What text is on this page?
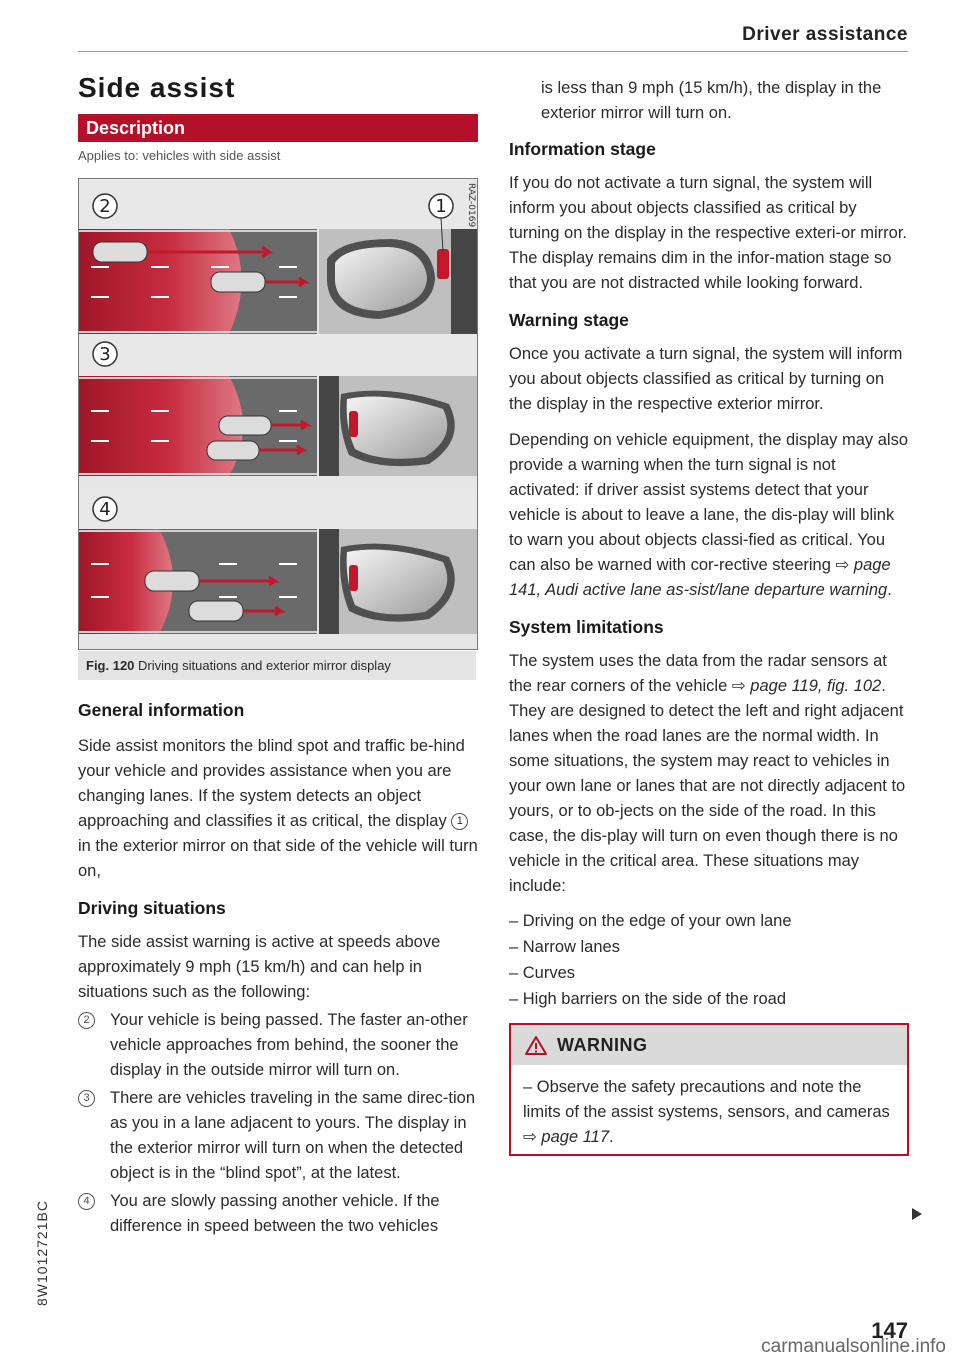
Driver assistance
8W1012721BC
Side assist
Description
Applies to: vehicles with side assist
2	1
3
4
RAZ-0169
Fig. 120 Driving situations and exterior mirror display
General information

Side assist monitors the blind spot and traffic be-hind your vehicle and provides assistance when you are changing lanes. If the system detects an object approaching and classifies it as critical, the display 1 in the exterior mirror on that side of the vehicle will turn on,

Driving situations

The side assist warning is active at speeds above approximately 9 mph (15 km/h) and can help in situations such as the following:

2	Your vehicle is being passed. The faster an-other vehicle approaches from behind, the sooner the display in the outside mirror will turn on.
3	There are vehicles traveling in the same direc-tion as you in a lane adjacent to yours. The display in the exterior mirror will turn on when the detected object is in the “blind spot”, at the latest.
4	You are slowly passing another vehicle. If the difference in speed between the two vehicles

is less than 9 mph (15 km/h), the display in the exterior mirror will turn on.

Information stage

If you do not activate a turn signal, the system will inform you about objects classified as critical by turning on the display in the respective exteri-or mirror. The display remains dim in the infor-mation stage so that you are not distracted while looking forward.

Warning stage

Once you activate a turn signal, the system will inform you about objects classified as critical by turning on the display in the respective exterior mirror.

Depending on vehicle equipment, the display may also provide a warning when the turn signal is not activated: if driver assist systems detect that your vehicle is about to leave a lane, the dis-play will blink to warn you about objects classi-fied as critical. You can also be warned with cor-rective steering ⇨ page 141, Audi active lane as-sist/lane departure warning.

System limitations

The system uses the data from the radar sensors at the rear corners of the vehicle ⇨ page 119, fig. 102. They are designed to detect the left and right adjacent lanes when the road lanes are the normal width. In some situations, the system may react to vehicles in your own lane or lanes that are not directly adjacent to yours, or to ob-jects on the side of the road. In this case, the dis-play will turn on even though there is no vehicle in the critical area. These situations may include:

– Driving on the edge of your own lane
– Narrow lanes
– Curves
– High barriers on the side of the road
WARNING
– Observe the safety precautions and note the limits of the assist systems, sensors, and cameras ⇨ page 117.
147
carmanualsonline.info
